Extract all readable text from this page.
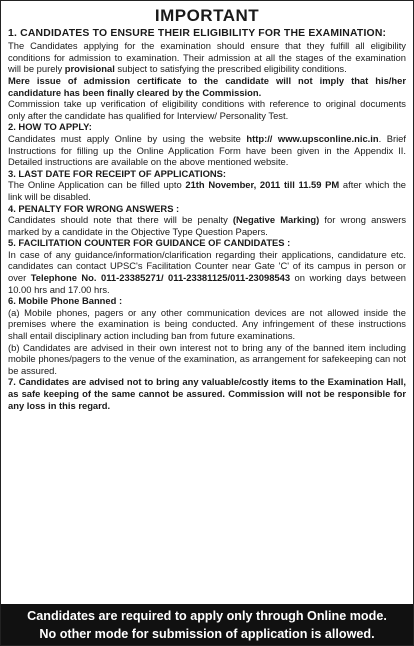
IMPORTANT
1. CANDIDATES TO ENSURE THEIR ELIGIBILITY FOR THE EXAMINATION:

The Candidates applying for the examination should ensure that they fulfill all eligibility conditions for admission to examination. Their admission at all the stages of the examination will be purely provisional subject to satisfying the prescribed eligibility conditions.

Mere issue of admission certificate to the candidate will not imply that his/her candidature has been finally cleared by the Commission.

Commission take up verification of eligibility conditions with reference to original documents only after the candidate has qualified for Interview/ Personality Test.

2. HOW TO APPLY:

Candidates must apply Online by using the website http:// www.upsconline.nic.in. Brief Instructions for filling up the Online Application Form have been given in the Appendix II. Detailed instructions are available on the above mentioned website.

3. LAST DATE FOR RECEIPT OF APPLICATIONS:

The Online Application can be filled upto 21th November, 2011 till 11.59 PM after which the link will be disabled.

4. PENALTY FOR WRONG ANSWERS :

Candidates should note that there will be penalty (Negative Marking) for wrong answers marked by a candidate in the Objective Type Question Papers.

5. FACILITATION COUNTER FOR GUIDANCE OF CANDIDATES :

In case of any guidance/information/clarification regarding their applications, candidature etc. candidates can contact UPSC's Facilitation Counter near Gate 'C' of its campus in person or over Telephone No. 011-23385271/ 011-23381125/011-23098543 on working days between 10.00 hrs and 17.00 hrs.

6. Mobile Phone Banned :

(a) Mobile phones, pagers or any other communication devices are not allowed inside the premises where the examination is being conducted. Any infringement of these instructions shall entail disciplinary action including ban from future examinations.

(b) Candidates are advised in their own interest not to bring any of the banned item including mobile phones/pagers to the venue of the examination, as arrangement for safekeeping can not be assured.

7. Candidates are advised not to bring any valuable/costly items to the Examination Hall, as safe keeping of the same cannot be assured. Commission will not be responsible for any loss in this regard.

Candidates are required to apply only through Online mode.
No other mode for submission of application is allowed.
